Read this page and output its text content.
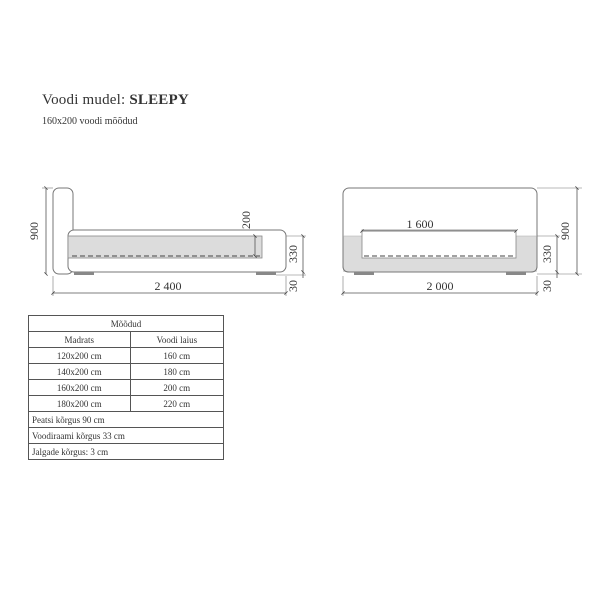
Voodi mudel: SLEEPY
160x200 voodi mõõdud
900
200
330
30
2 400
1 600	900
330
30
2 000
Mõõdud	
Madrats	Voodi laius
120x200 cm	160 cm
140x200 cm	180 cm
160x200 cm	200 cm
180x200 cm	220 cm
Peatsi kõrgus 90 cm	
Voodiraami kõrgus 33 cm	
Jalgade kõrgus: 3 cm	
